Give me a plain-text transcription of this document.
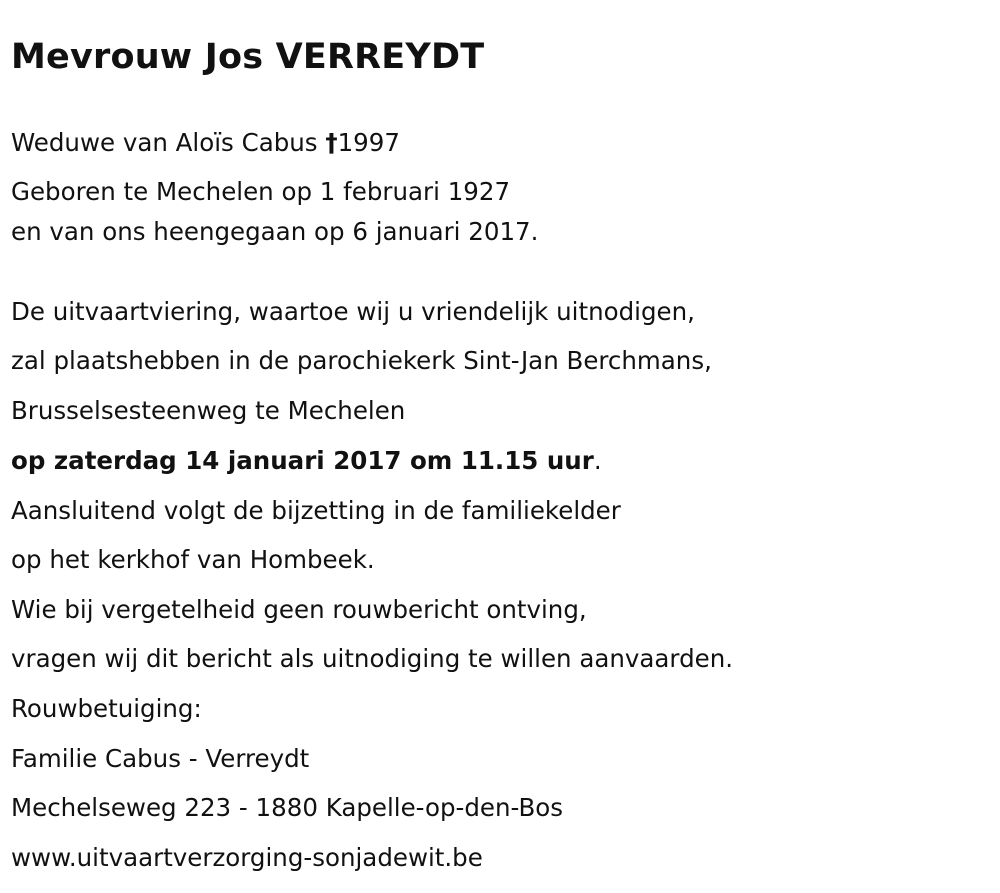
Mevrouw Jos VERREYDT

Weduwe van Aloïs Cabus †1997

Geboren te Mechelen op 1 februari 1927

en van ons heengegaan op 6 januari 2017.

De uitvaartviering, waartoe wij u vriendelijk uitnodigen,

zal plaatshebben in de parochiekerk Sint-Jan Berchmans,

Brusselsesteenweg te Mechelen

op zaterdag 14 januari 2017 om 11.15 uur.

Aansluitend volgt de bijzetting in de familiekelder

op het kerkhof van Hombeek.

Wie bij vergetelheid geen rouwbericht ontving,

vragen wij dit bericht als uitnodiging te willen aanvaarden.

Rouwbetuiging:

Familie Cabus - Verreydt

Mechelseweg 223 - 1880 Kapelle-op-den-Bos

www.uitvaartverzorging-sonjadewit.be
